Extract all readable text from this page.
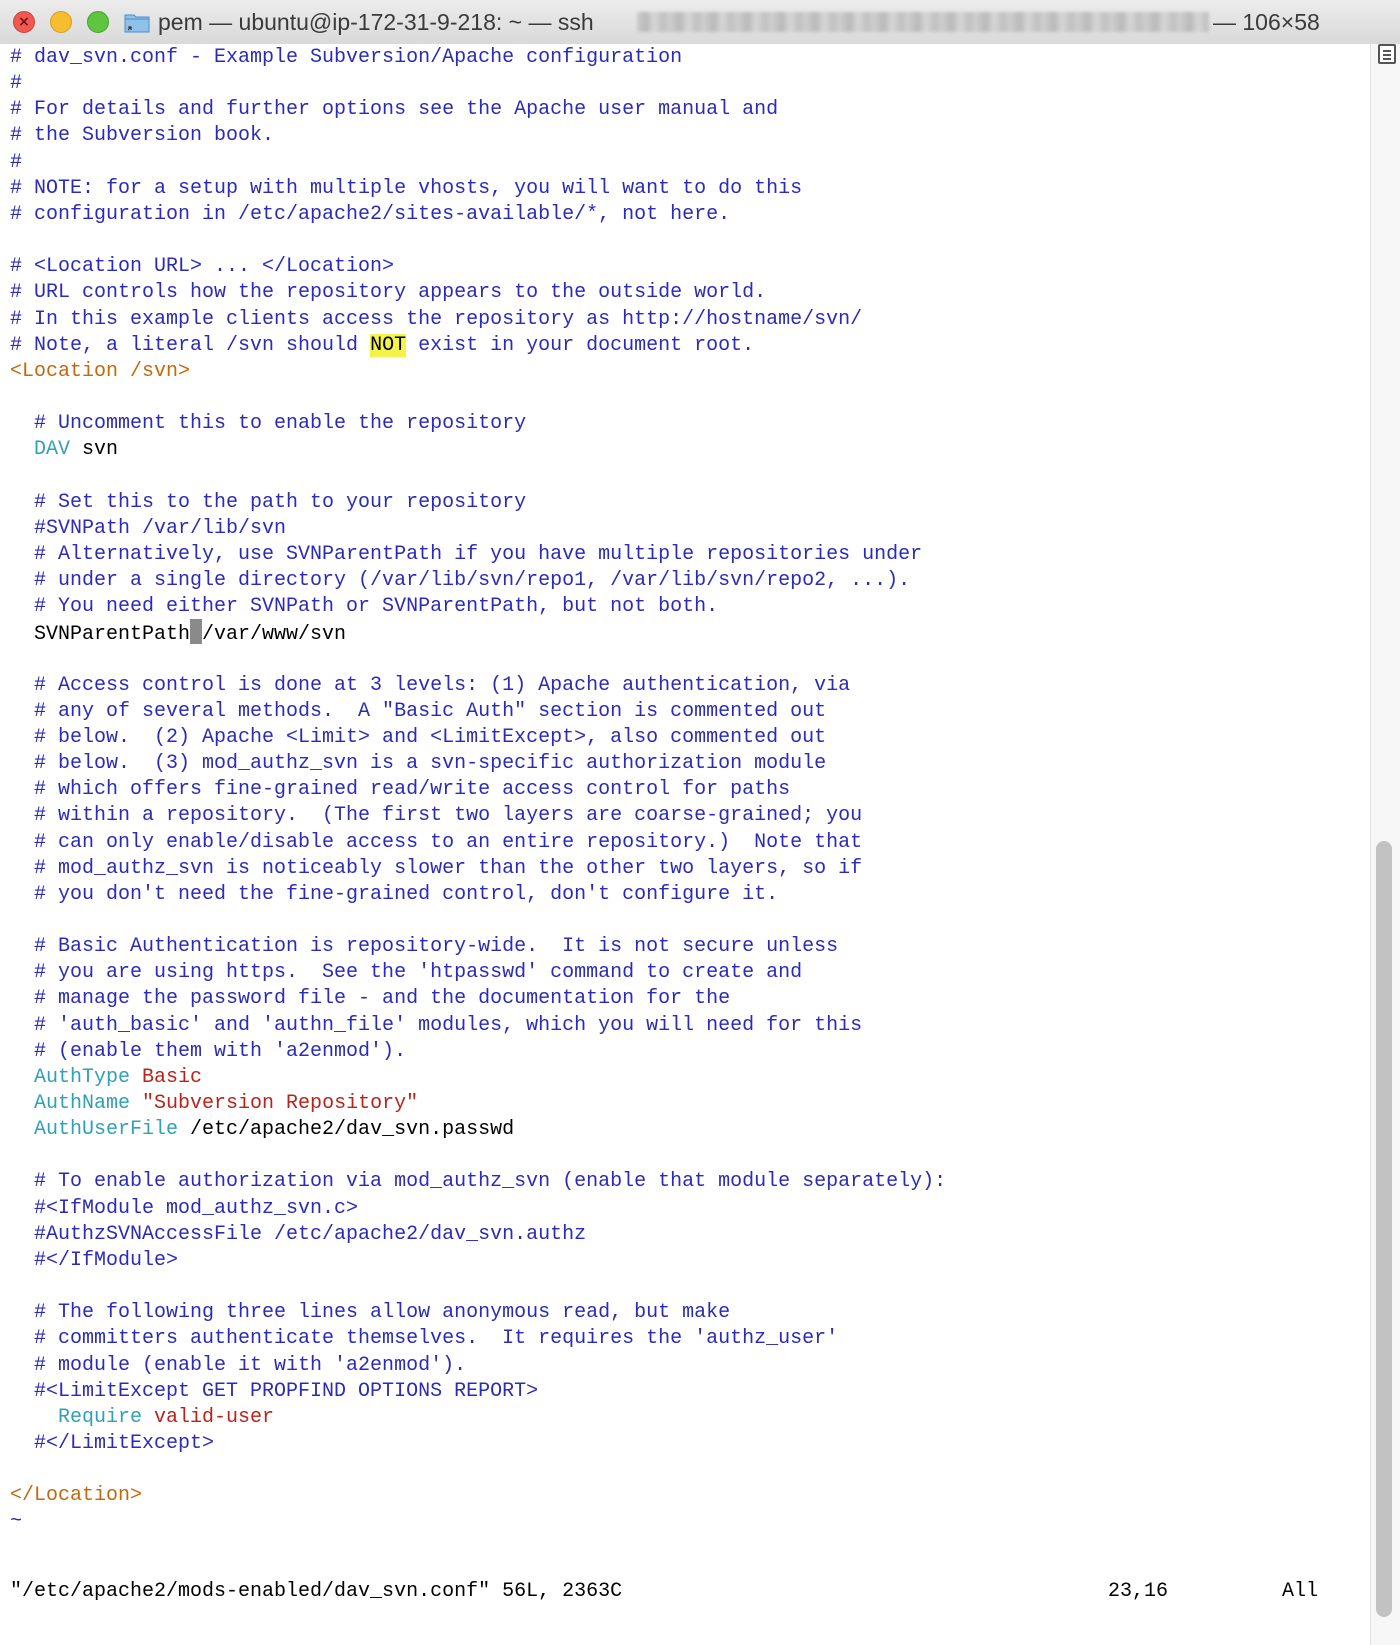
×	pem — ubuntu@ip-172-31-9-218: ~ — ssh	— 106×58
"/etc/apache2/mods-enabled/dav_svn.conf" 56L, 2363C	23,16	All
# dav_svn.conf - Example Subversion/Apache configuration
#
# For details and further options see the Apache user manual and
# the Subversion book.
#
# NOTE: for a setup with multiple vhosts, you will want to do this
# configuration in /etc/apache2/sites-available/*, not here.
# <Location URL> ... </Location>
# URL controls how the repository appears to the outside world.
# In this example clients access the repository as http://hostname/svn/
# Note, a literal /svn should NOT exist in your document root.
<Location /svn>
# Uncomment this to enable the repository
DAV svn
# Set this to the path to your repository
#SVNPath /var/lib/svn
# Alternatively, use SVNParentPath if you have multiple repositories under
# under a single directory (/var/lib/svn/repo1, /var/lib/svn/repo2, ...).
# You need either SVNPath or SVNParentPath, but not both.
SVNParentPath /var/www/svn
# Access control is done at 3 levels: (1) Apache authentication, via
# any of several methods.  A "Basic Auth" section is commented out
# below.  (2) Apache <Limit> and <LimitExcept>, also commented out
# below.  (3) mod_authz_svn is a svn-specific authorization module
# which offers fine-grained read/write access control for paths
# within a repository.  (The first two layers are coarse-grained; you
# can only enable/disable access to an entire repository.)  Note that
# mod_authz_svn is noticeably slower than the other two layers, so if
# you don't need the fine-grained control, don't configure it.
# Basic Authentication is repository-wide.  It is not secure unless
# you are using https.  See the 'htpasswd' command to create and
# manage the password file - and the documentation for the
# 'auth_basic' and 'authn_file' modules, which you will need for this
# (enable them with 'a2enmod').
AuthType Basic
AuthName "Subversion Repository"
AuthUserFile /etc/apache2/dav_svn.passwd
# To enable authorization via mod_authz_svn (enable that module separately):
#<IfModule mod_authz_svn.c>
#AuthzSVNAccessFile /etc/apache2/dav_svn.authz
#</IfModule>
# The following three lines allow anonymous read, but make
# committers authenticate themselves.  It requires the 'authz_user'
# module (enable it with 'a2enmod').
#<LimitExcept GET PROPFIND OPTIONS REPORT>
Require valid-user
#</LimitExcept>
</Location>
~
